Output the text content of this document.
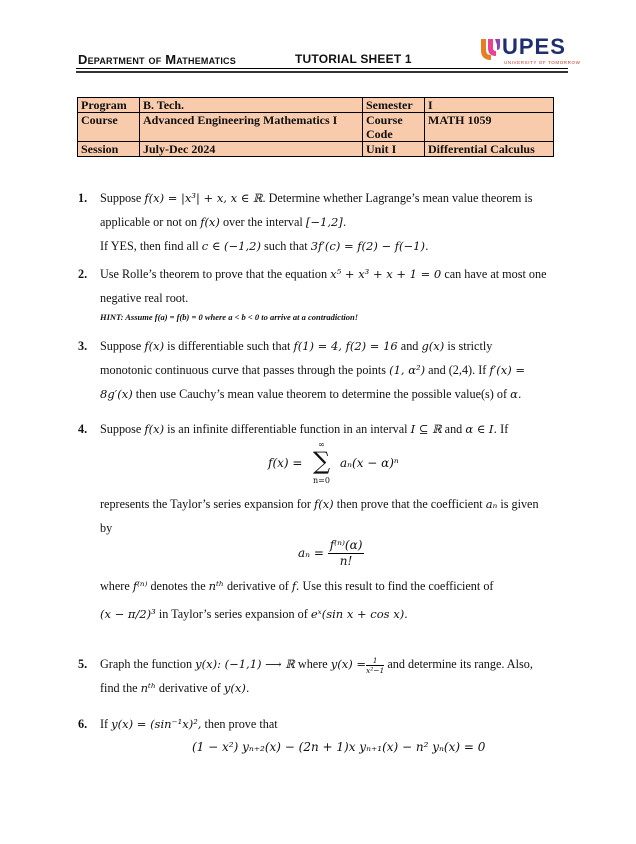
Department of Mathematics	TUTORIAL SHEET 1	UPES
UNIVERSITY OF TOMORROW
Program	B. Tech.	Semester	I
Course	Advanced Engineering Mathematics I	Course Code	MATH 1059
Session	July-Dec 2024	Unit I	Differential Calculus
1. Suppose f(x) = |x³| + x, x ∈ ℝ. Determine whether Lagrange’s mean value theorem is
applicable or not on f(x) over the interval [−1,2].
If YES, then find all c ∈ (−1,2) such that 3f′(c) = f(2) − f(−1).
2. Use Rolle’s theorem to prove that the equation x⁵ + x³ + x + 1 = 0 can have at most one
negative real root.
HINT: Assume f(a) = f(b) = 0 where a < b < 0 to arrive at a contradiction!
3. Suppose f(x) is differentiable such that f(1) = 4, f(2) = 16 and g(x) is strictly
monotonic continuous curve that passes through the points (1, α²) and (2,4). If f′(x) =
8g′(x) then use Cauchy’s mean value theorem to determine the possible value(s) of α.
4. Suppose f(x) is an infinite differentiable function in an interval I ⊆ ℝ and α ∈ I. If
f(x) =
∞
∑
n=0
aₙ(x − α)ⁿ
represents the Taylor’s series expansion for f(x) then prove that the coefficient aₙ is given
by
$a_n = \frac{\text{f⁽ⁿ⁾(α)}}{n!}$
where f⁽ⁿ⁾ denotes the nᵗʰ derivative of f. Use this result to find the coefficient of
(x − π/2)³ in Taylor’s series expansion of eˣ(sin x + cos x).
5. Graph the function y(x): (−1,1) ⟶ ℝ where $y(x) = \frac{1}{\text{x²−1}}$ and determine its range. Also,
find the nᵗʰ derivative of y(x).
6. If y(x) = (sin⁻¹x)², then prove that
(1 − x²) yₙ₊₂(x) − (2n + 1)x yₙ₊₁(x) − n² yₙ(x) = 0
